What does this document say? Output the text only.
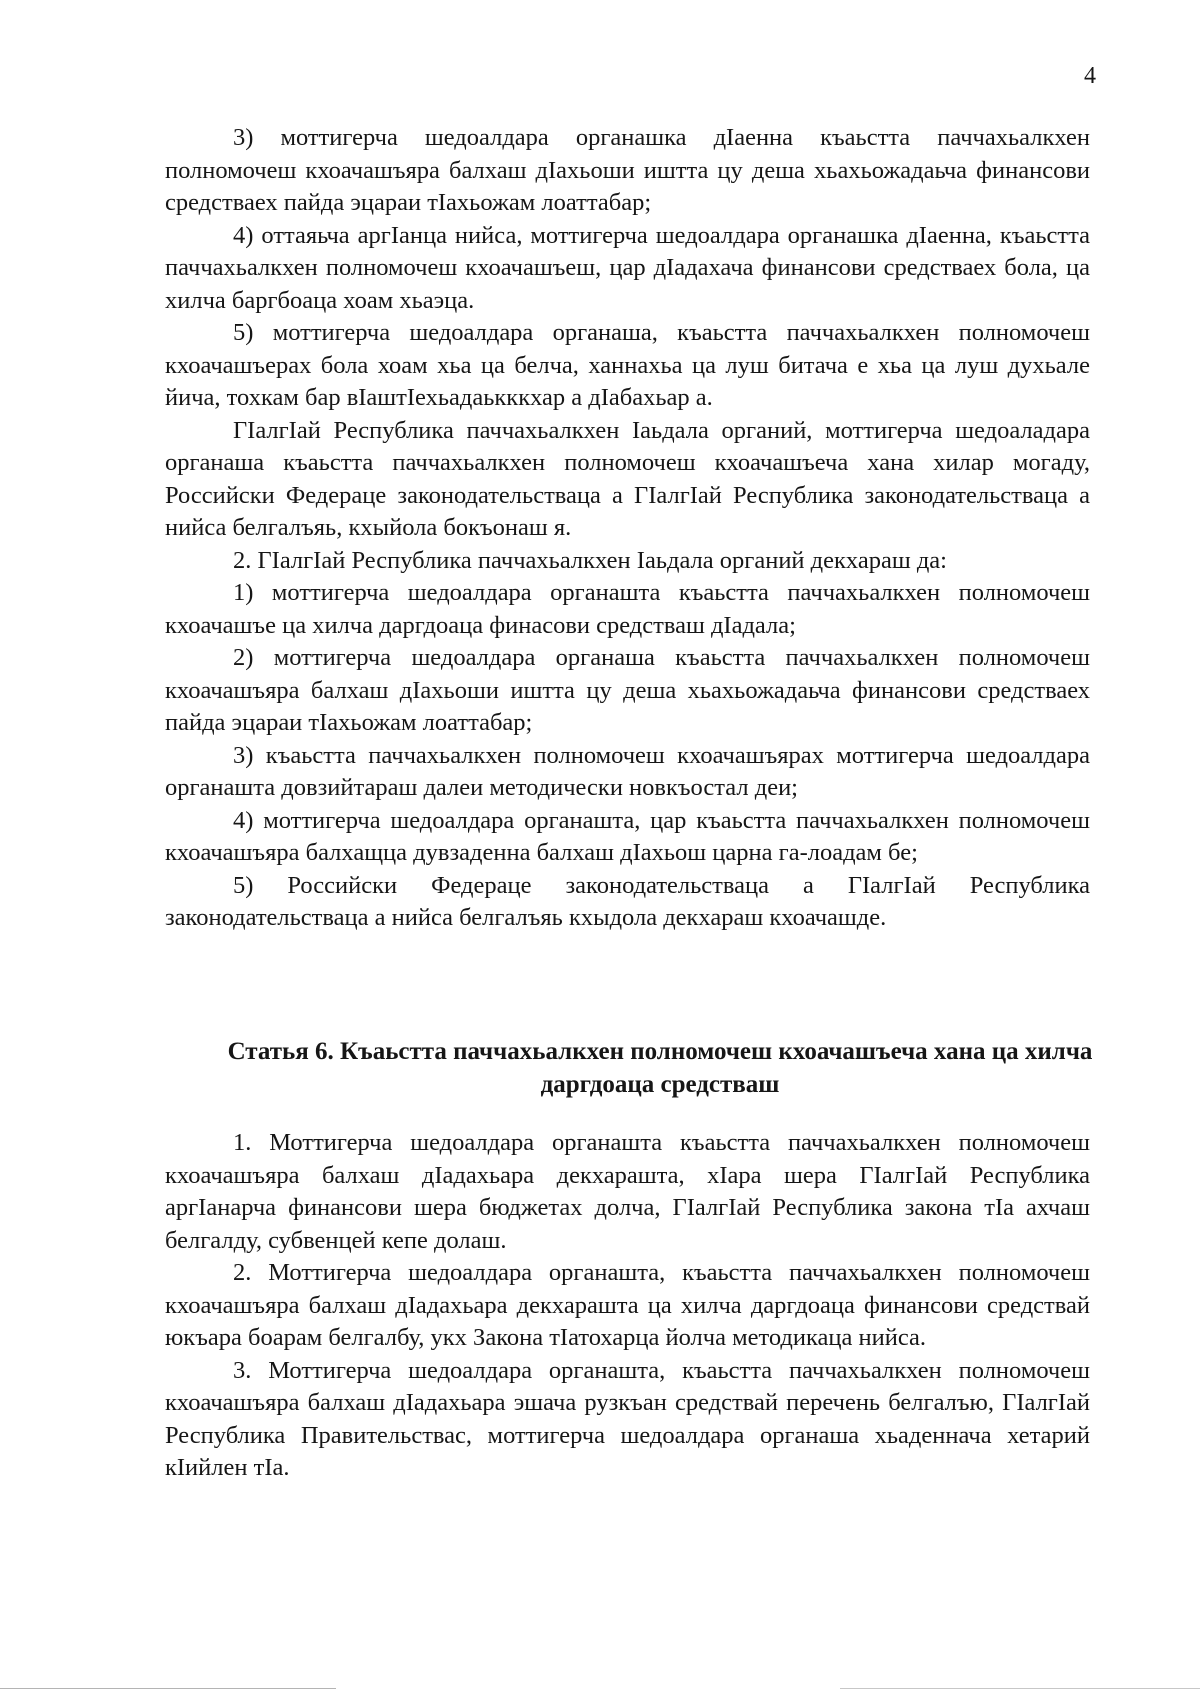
4

3) моттигерча шедоалдара органашка дIаенна къаьстта паччахьалкхен полномочеш кхоачашъяра балхаш дIахьоши иштта цу деша хьахьожадаьча финансови средстваех пайда эцараи тIахьожам лоаттабар;

4) оттаяьча аргIанца нийса, моттигерча шедоалдара органашка дIаенна, къаьстта паччахьалкхен полномочеш кхоачашъеш, цар дIадахача финансови средстваех бола, ца хилча баргбоаца хоам хьаэца.

5) моттигерча шедоалдара органаша, къаьстта паччахьалкхен полномочеш кхоачашъерах бола хоам хьа ца белча, ханнахьа ца луш битача е хьа ца луш духьале йича, тохкам бар вIаштIехьадаькккхар а дIабахьар а.

ГIалгIай Республика паччахьалкхен Iаьдала органий, моттигерча шедоаладара органаша къаьстта паччахьалкхен полномочеш кхоачашъеча хана хилар могаду, Российски Федераце законодательстваца а ГIалгIай Республика законодательстваца а нийса белгалъяь, кхыйола бокъонаш я.

2. ГIалгIай Республика паччахьалкхен Iаьдала органий декхараш да:

1) моттигерча шедоалдара органашта къаьстта паччахьалкхен полномочеш кхоачашъе ца хилча даргдоаца финасови средстваш дIадала;

2) моттигерча шедоалдара органаша къаьстта паччахьалкхен полномочеш кхоачашъяра балхаш дIахьоши иштта цу деша хьахьожадаьча финансови средстваех пайда эцараи тIахьожам лоаттабар;

3) къаьстта паччахьалкхен полномочеш кхоачашъярах моттигерча шедоалдара органашта довзийтараш далеи методически новкъостал деи;

4) моттигерча шедоалдара органашта, цар къаьстта паччахьалкхен полномочеш кхоачашъяра балхащца дувзаденна балхаш дIахьош царна га-лоадам бе;

5) Российски Федераце законодательстваца а ГIалгIай Республика законодательстваца а нийса белгалъяь кхыдола декхараш кхоачашде.

Статья 6. Къаьстта паччахьалкхен полномочеш кхоачашъеча хана ца хилча даргдоаца средстваш

1. Моттигерча шедоалдара органашта къаьстта паччахьалкхен полномочеш кхоачашъяра балхаш дIадахьара декхарашта, хIара шера ГIалгIай Республика аргIанарча финансови шера бюджетах долча, ГIалгIай Республика закона тIа ахчаш белгалду, субвенцей кепе долаш.

2. Моттигерча шедоалдара органашта, къаьстта паччахьалкхен полномочеш кхоачашъяра балхаш дIадахьара декхарашта ца хилча даргдоаца финансови средствай юкъара боарам белгалбу, укх Закона тIатохарца йолча методикаца нийса.

3. Моттигерча шедоалдара органашта, къаьстта паччахьалкхен полномочеш кхоачашъяра балхаш дIадахьара эшача рузкъан средствай перечень белгалъю, ГIалгIай Республика Правительствас, моттигерча шедоалдара органаша хьаденнача хетарий кIийлен тIа.
